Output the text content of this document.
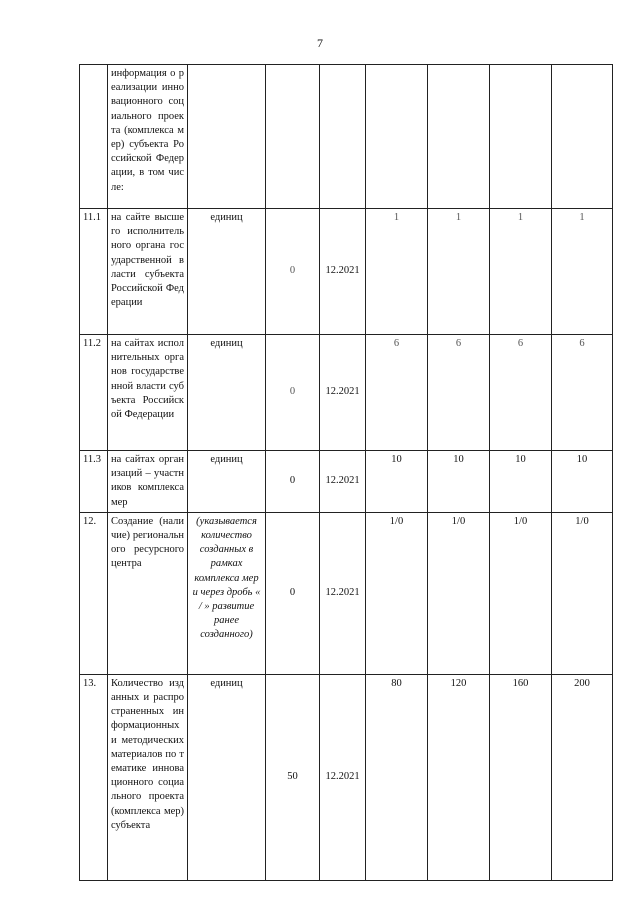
7
	информация о реализации инновационного социального проекта (комплекса мер) субъекта Российской Федерации, в том числе:							
11.1	на сайте высшего исполнительного органа государственной власти субъекта Российской Федерации	единиц	0	12.2021	1	1	1	1
11.2	на сайтах исполнительных органов государственной власти субъекта Российской Федерации	единиц	0	12.2021	6	6	6	6
11.3	на сайтах организаций – участников комплекса мер	единиц	0	12.2021	10	10	10	10
12.	Создание (наличие) регионального ресурсного центра	(указывается количество созданных в рамках комплекса мер и через дробь « / » развитие ранее созданного)	0	12.2021	1/0	1/0	1/0	1/0
13.	Количество изданных и распространенных информационных и методических материалов по тематике инновационного социального проекта (комплекса мер) субъекта	единиц	50	12.2021	80	120	160	200
